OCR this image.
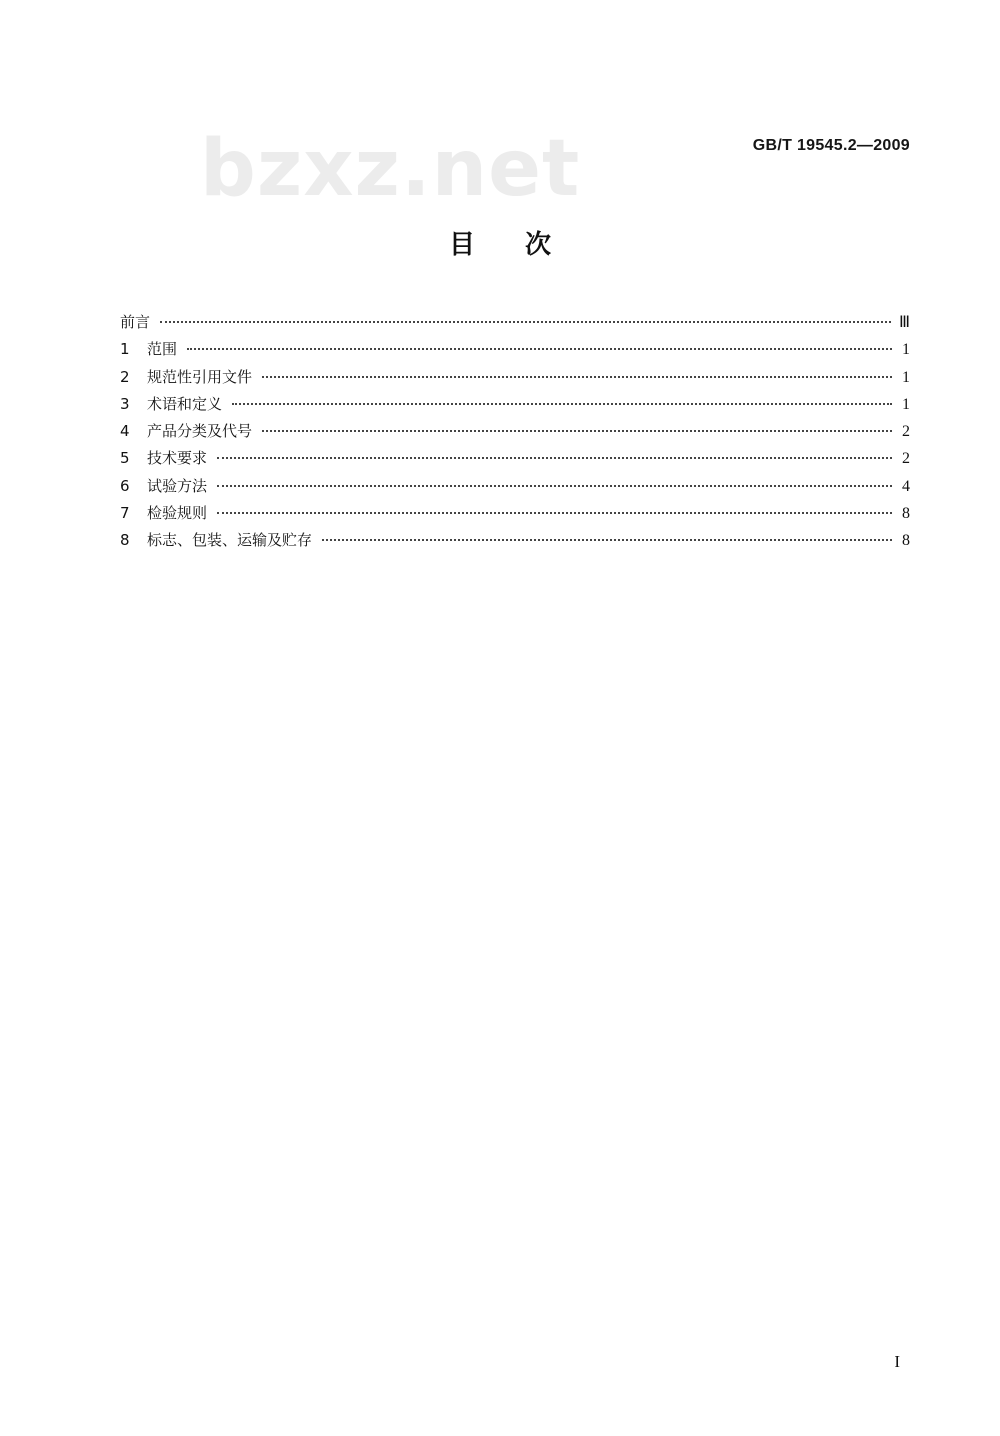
bzxz.net	GB/T 19545.2—2009
目次
前言	Ⅲ
1	范围	1
2	规范性引用文件	1
3	术语和定义	1
4	产品分类及代号	2
5	技术要求	2
6	试验方法	4
7	检验规则	8
8	标志、包装、运输及贮存	8
I
